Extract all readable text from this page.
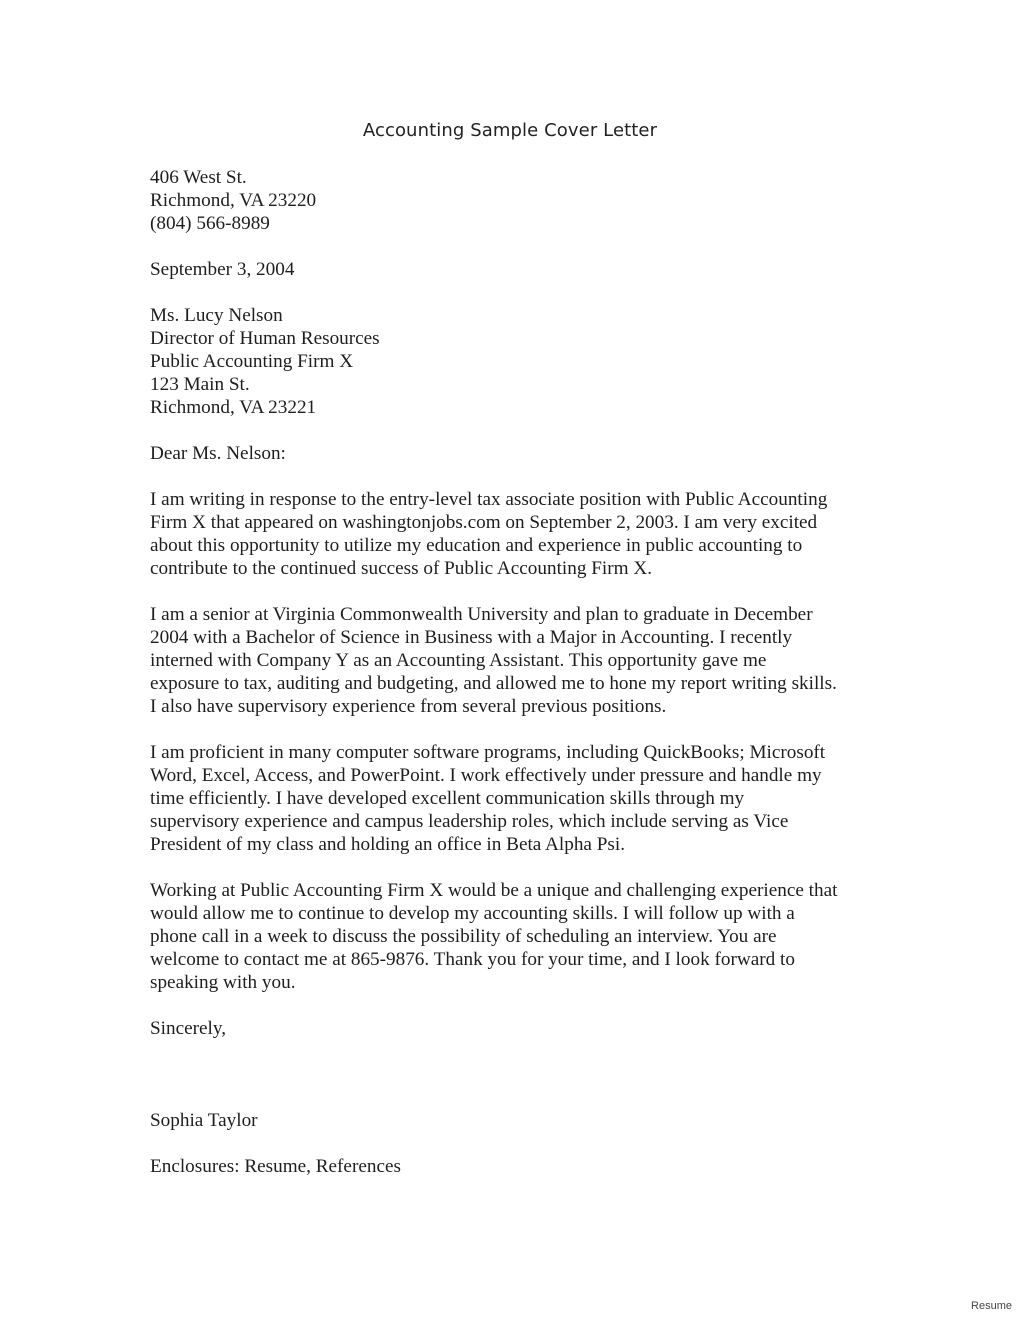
Accounting Sample Cover Letter
406 West St.
Richmond, VA 23220
(804) 566-8989
September 3, 2004
Ms. Lucy Nelson
Director of Human Resources
Public Accounting Firm X
123 Main St.
Richmond, VA 23221
Dear Ms. Nelson:
I am writing in response to the entry-level tax associate position with Public Accounting
Firm X that appeared on washingtonjobs.com on September 2, 2003. I am very excited
about this opportunity to utilize my education and experience in public accounting to
contribute to the continued success of Public Accounting Firm X.
I am a senior at Virginia Commonwealth University and plan to graduate in December
2004 with a Bachelor of Science in Business with a Major in Accounting. I recently
interned with Company Y as an Accounting Assistant. This opportunity gave me
exposure to tax, auditing and budgeting, and allowed me to hone my report writing skills.
I also have supervisory experience from several previous positions.
I am proficient in many computer software programs, including QuickBooks; Microsoft
Word, Excel, Access, and PowerPoint. I work effectively under pressure and handle my
time efficiently. I have developed excellent communication skills through my
supervisory experience and campus leadership roles, which include serving as Vice
President of my class and holding an office in Beta Alpha Psi.
Working at Public Accounting Firm X would be a unique and challenging experience that
would allow me to continue to develop my accounting skills. I will follow up with a
phone call in a week to discuss the possibility of scheduling an interview. You are
welcome to contact me at 865-9876. Thank you for your time, and I look forward to
speaking with you.
Sincerely,
Sophia Taylor
Enclosures: Resume, References
Resume
